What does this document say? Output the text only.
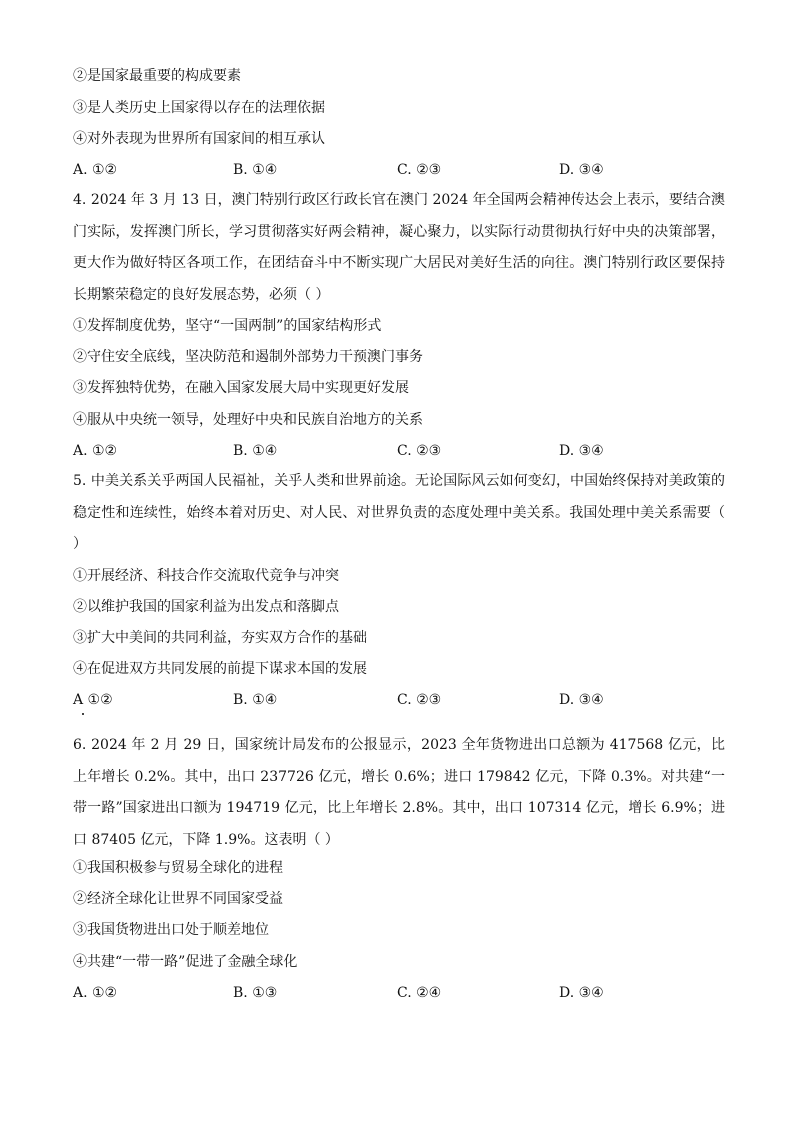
②是国家最重要的构成要素
③是人类历史上国家得以存在的法理依据
④对外表现为世界所有国家间的相互承认
A. ①②	B. ①④	C. ②③	D. ③④
4. 2024 年 3 月 13 日，澳门特别行政区行政长官在澳门 2024 年全国两会精神传达会上表示，要结合澳门实际，发挥澳门所长，学习贯彻落实好两会精神，凝心聚力，以实际行动贯彻执行好中央的决策部署，更大作为做好特区各项工作，在团结奋斗中不断实现广大居民对美好生活的向往。澳门特别行政区要保持长期繁荣稳定的良好发展态势，必须（ ）
①发挥制度优势，坚守“一国两制”的国家结构形式
②守住安全底线，坚决防范和遏制外部势力干预澳门事务
③发挥独特优势，在融入国家发展大局中实现更好发展
④服从中央统一领导，处理好中央和民族自治地方的关系
A. ①②	B. ①④	C. ②③	D. ③④
5. 中美关系关乎两国人民福祉，关乎人类和世界前途。无论国际风云如何变幻，中国始终保持对美政策的稳定性和连续性，始终本着对历史、对人民、对世界负责的态度处理中美关系。我国处理中美关系需要（ ）
①开展经济、科技合作交流取代竞争与冲突
②以维护我国的国家利益为出发点和落脚点
③扩大中美间的共同利益，夯实双方合作的基础
④在促进双方共同发展的前提下谋求本国的发展
A ①②	B. ①④	C. ②③	D. ③④
6. 2024 年 2 月 29 日，国家统计局发布的公报显示，2023 全年货物进出口总额为 417568 亿元，比上年增长 0.2%。其中，出口 237726 亿元，增长 0.6%；进口 179842 亿元，下降 0.3%。对共建“一带一路”国家进出口额为 194719 亿元，比上年增长 2.8%。其中，出口 107314 亿元，增长 6.9%；进口 87405 亿元，下降 1.9%。这表明（ ）
①我国积极参与贸易全球化的进程
②经济全球化让世界不同国家受益
③我国货物进出口处于顺差地位
④共建“一带一路”促进了金融全球化
A. ①②	B. ①③	C. ②④	D. ③④
